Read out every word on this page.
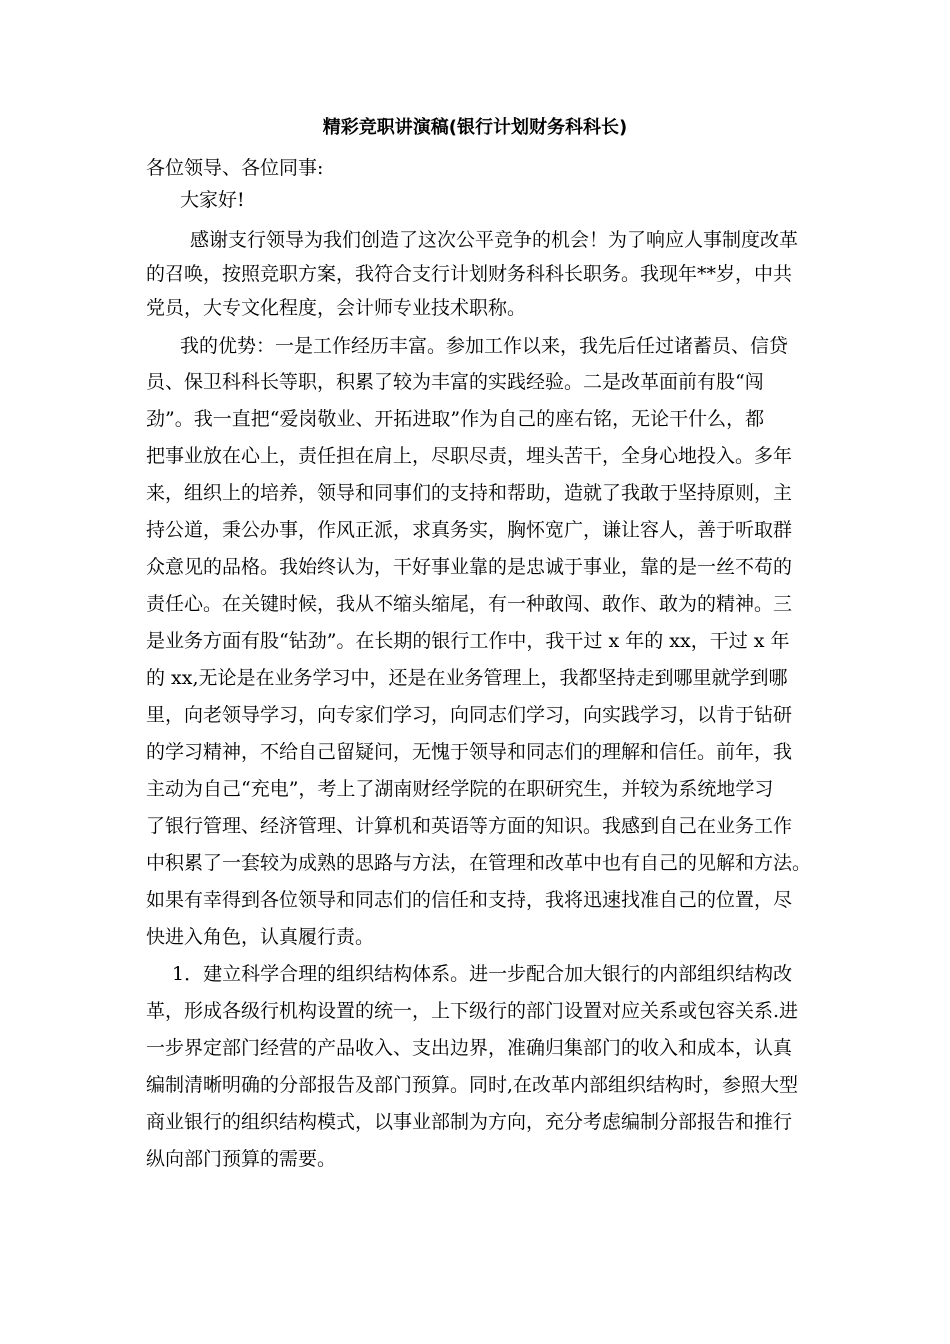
精彩竞职讲演稿(银行计划财务科科长)
各位领导、各位同事:
大家好!
感谢支行领导为我们创造了这次公平竞争的机会！为了响应人事制度改革
的召唤，按照竞职方案，我符合支行计划财务科科长职务。我现年**岁，中共
党员，大专文化程度，会计师专业技术职称。
我的优势：一是工作经历丰富。参加工作以来，我先后任过诸蓄员、信贷
员、保卫科科长等职，积累了较为丰富的实践经验。二是改革面前有股“闯
劲”。我一直把“爱岗敬业、开拓进取”作为自己的座右铭，无论干什么，都
把事业放在心上，责任担在肩上，尽职尽责，埋头苦干，全身心地投入。多年
来，组织上的培养，领导和同事们的支持和帮助，造就了我敢于坚持原则，主
持公道，秉公办事，作风正派，求真务实，胸怀宽广，谦让容人，善于听取群
众意见的品格。我始终认为，干好事业靠的是忠诚于事业，靠的是一丝不苟的
责任心。在关键时候，我从不缩头缩尾，有一种敢闯、敢作、敢为的精神。三
是业务方面有股“钻劲”。在长期的银行工作中，我干过 x 年的 xx，干过 x 年
的 xx,无论是在业务学习中，还是在业务管理上，我都坚持走到哪里就学到哪
里，向老领导学习，向专家们学习，向同志们学习，向实践学习，以肯于钻研
的学习精神，不给自己留疑问，无愧于领导和同志们的理解和信任。前年，我
主动为自己“充电”，考上了湖南财经学院的在职研究生，并较为系统地学习
了银行管理、经济管理、计算机和英语等方面的知识。我感到自己在业务工作
中积累了一套较为成熟的思路与方法，在管理和改革中也有自己的见解和方法。
如果有幸得到各位领导和同志们的信任和支持，我将迅速找准自己的位置，尽
快进入角色，认真履行责。
1．建立科学合理的组织结构体系。进一步配合加大银行的内部组织结构改
革，形成各级行机构设置的统一，上下级行的部门设置对应关系或包容关系.进
一步界定部门经营的产品收入、支出边界，准确归集部门的收入和成本，认真
编制清晰明确的分部报告及部门预算。同时,在改革内部组织结构时，参照大型
商业银行的组织结构模式，以事业部制为方向，充分考虑编制分部报告和推行
纵向部门预算的需要。
